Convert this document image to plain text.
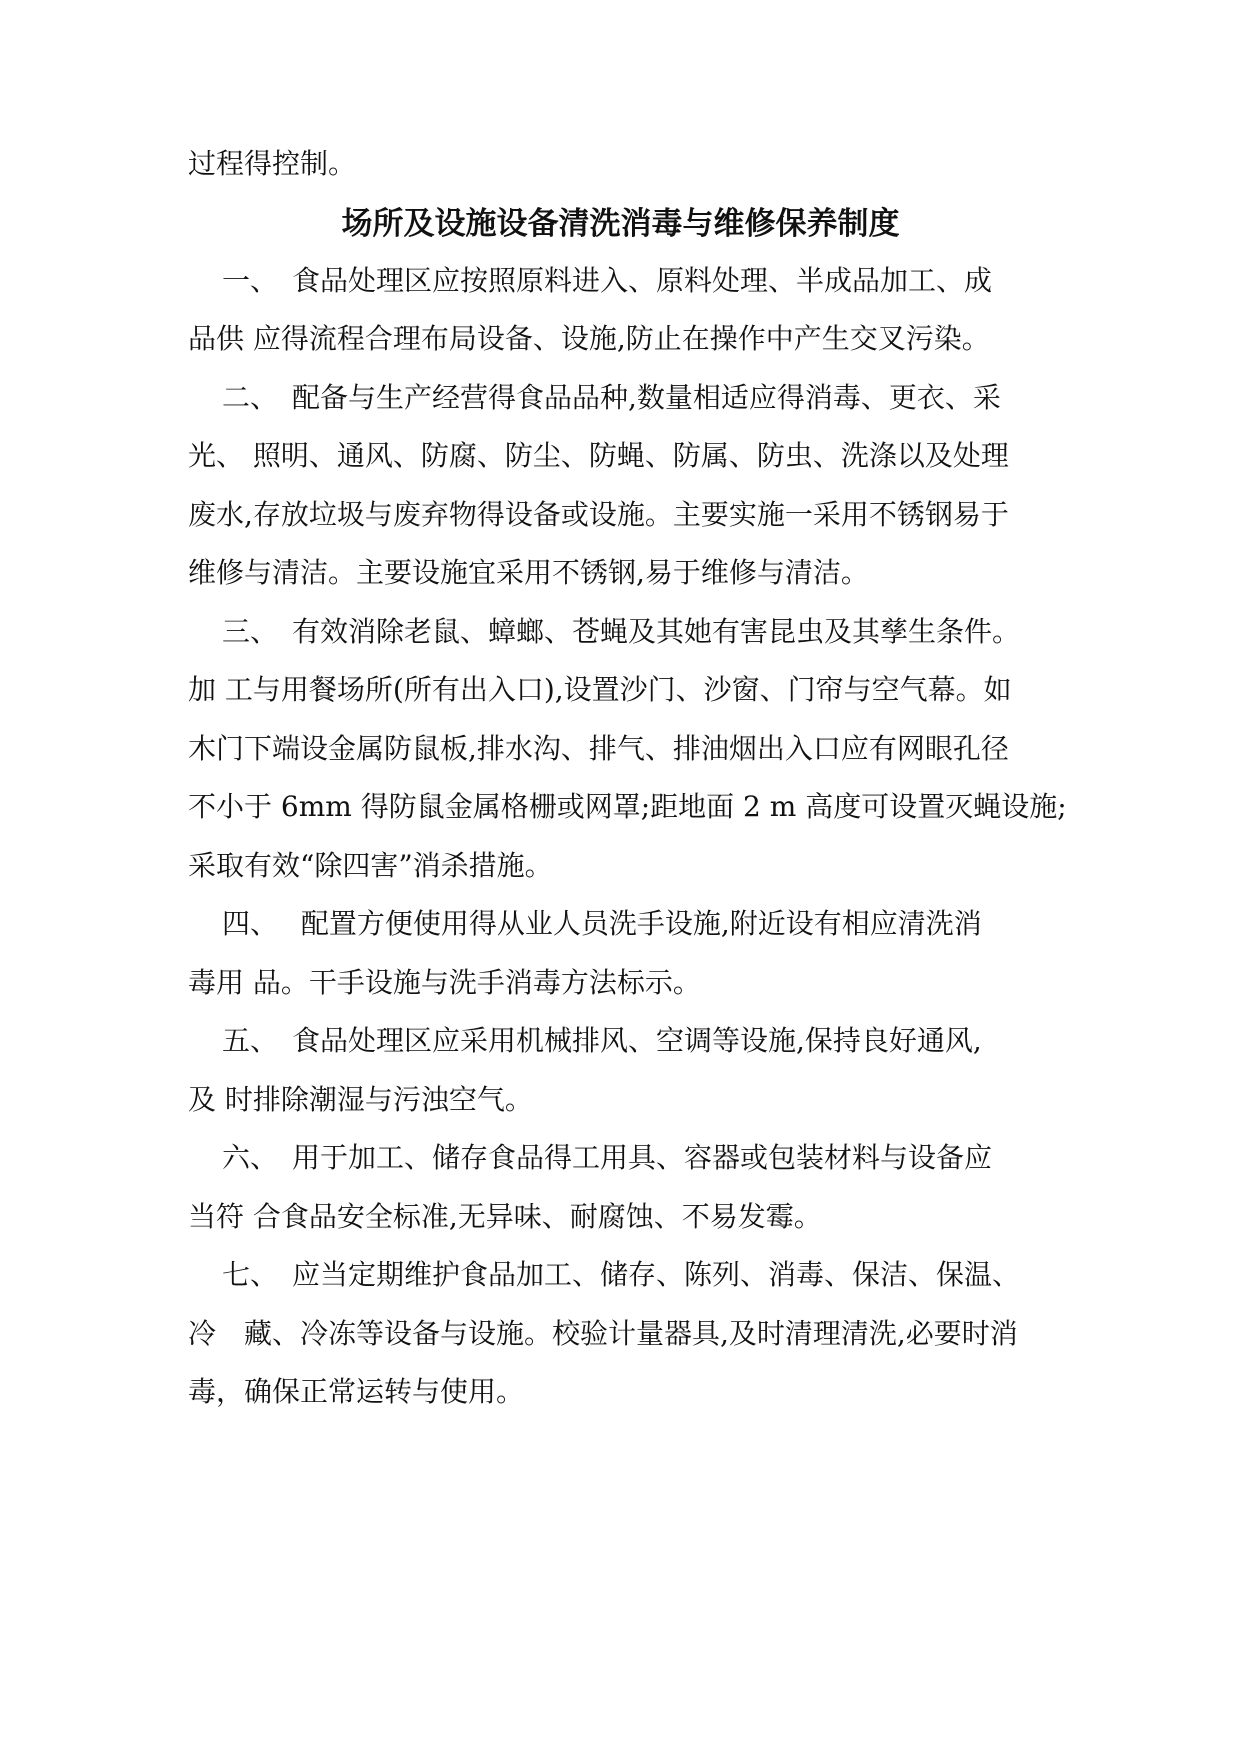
过程得控制。
场所及设施设备清洗消毒与维修保养制度
一、　食品处理区应按照原料进入、原料处理、半成品加工、成
品供 应得流程合理布局设备、设施,防止在操作中产生交叉污染。
二、　配备与生产经营得食品品种,数量相适应得消毒、更衣、采
光、 照明、通风、防腐、防尘、防蝇、防属、防虫、洗涤以及处理
废水,存放垃圾与废弃物得设备或设施。主要实施一采用不锈钢易于
维修与清洁。主要设施宜采用不锈钢,易于维修与清洁。
三、　有效消除老鼠、蟑螂、苍蝇及其她有害昆虫及其孳生条件。
加 工与用餐场所(所有出入口),设置沙门、沙窗、门帘与空气幕。如
木门下端设金属防鼠板,排水沟、排气、排油烟出入口应有网眼孔径
不小于 6mm 得防鼠金属格栅或网罩;距地面 2 m 高度可设置灭蝇设施;
采取有效“除四害”消杀措施。
四、　 配置方便使用得从业人员洗手设施,附近设有相应清洗消
毒用 品。干手设施与洗手消毒方法标示。
五、　食品处理区应采用机械排风、空调等设施,保持良好通风,
及 时排除潮湿与污浊空气。
六、　用于加工、储存食品得工用具、容器或包装材料与设备应
当符 合食品安全标准,无异味、耐腐蚀、不易发霉。
七、　应当定期维护食品加工、储存、陈列、消毒、保洁、保温、
冷　藏、冷冻等设备与设施。校验计量器具,及时清理清洗,必要时消
毒，确保正常运转与使用。
